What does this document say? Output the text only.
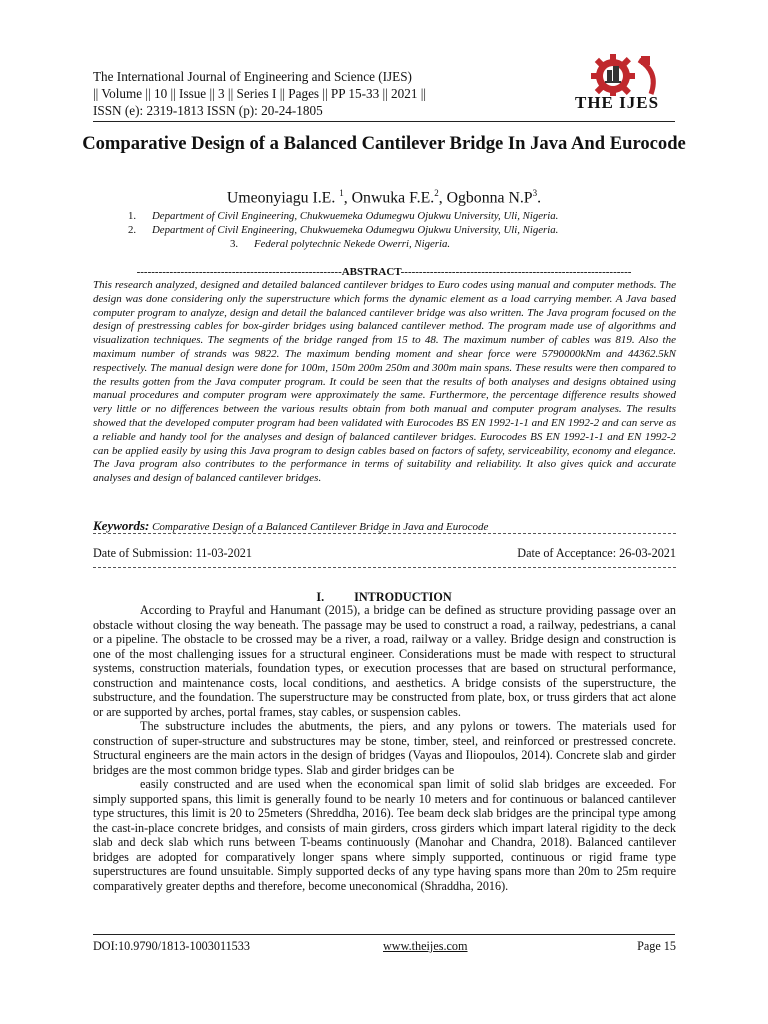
The International Journal of Engineering and Science (IJES)
|| Volume || 10 || Issue || 3 || Series I || Pages || PP 15-33 || 2021 ||
ISSN (e): 2319-1813 ISSN (p): 20-24-1805	THE IJES
Comparative Design of a Balanced Cantilever Bridge In Java And Eurocode
Umeonyiagu I.E. $^1$, Onwuka F.E.$^2$, Ogbonna $N.P^3$.
1. Department of Civil Engineering, Chukwuemeka Odumegwu Ojukwu University, Uli, Nigeria.
2. Department of Civil Engineering, Chukwuemeka Odumegwu Ojukwu University, Uli, Nigeria.
3. Federal polytechnic Nekede Owerri, Nigeria.
--------------------------------------------------------ABSTRACT---------------------------------------------------------------
This research analyzed, designed and detailed balanced cantilever bridges to Euro codes using manual and computer methods. The design was done considering only the superstructure which forms the dynamic element as a load carrying member. A Java based computer program to analyze, design and detail the balanced cantilever bridge was also written. The Java program focused on the design of prestressing cables for box-girder bridges using balanced cantilever method. The program made use of algorithms and visualization techniques. The segments of the bridge ranged from 15 to 48. The maximum number of cables was 819. Also the maximum number of strands was 9822. The maximum bending moment and shear force were 5790000kNm and 44362.5kN respectively. The manual design were done for 100m, 150m 200m 250m and 300m main spans. These results were then compared to the results gotten from the Java computer program. It could be seen that the results of both analyses and designs obtained using manual procedures and computer program were approximately the same. Furthermore, the percentage difference results showed very little or no differences between the various results obtain from both manual and computer program analyses. The results showed that the developed computer program had been validated with Eurocodes BS EN 1992-1-1 and EN 1992-2 and can serve as a reliable and handy tool for the analyses and design of balanced cantilever bridges. Eurocodes BS EN 1992-1-1 and EN 1992-2 can be applied easily by using this Java program to design cables based on factors of safety, serviceability, economy and elegance. The Java program also contributes to the performance in terms of suitability and reliability. It also gives quick and accurate analyses and design of balanced cantilever bridges.
Keywords: Comparative Design of a Balanced Cantilever Bridge in Java and Eurocode
Date of Submission: 11-03-2021	Date of Acceptance: 26-03-2021
I. INTRODUCTION

According to Prayful and Hanumant (2015), a bridge can be defined as structure providing passage over an obstacle without closing the way beneath. The passage may be used to construct a road, a railway, pedestrians, a canal or a pipeline. The obstacle to be crossed may be a river, a road, railway or a valley. Bridge design and construction is one of the most challenging issues for a structural engineer. Considerations must be made with respect to structural systems, construction materials, foundation types, or execution processes that are based on structural performance, construction and maintenance costs, local conditions, and aesthetics. A bridge consists of the superstructure, the substructure, and the foundation. The superstructure may be constructed from plate, box, or truss girders that act alone or are supported by arches, portal frames, stay cables, or suspension cables.

The substructure includes the abutments, the piers, and any pylons or towers. The materials used for construction of super-structure and substructures may be stone, timber, steel, and reinforced or prestressed concrete. Structural engineers are the main actors in the design of bridges (Vayas and Iliopoulos, 2014). Concrete slab and girder bridges are the most common bridge types. Slab and girder bridges can be

easily constructed and are used when the economical span limit of solid slab bridges are exceeded. For simply supported spans, this limit is generally found to be nearly 10 meters and for continuous or balanced cantilever type structures, this limit is 20 to 25meters (Shreddha, 2016). Tee beam deck slab bridges are the principal type among the cast-in-place concrete bridges, and consists of main girders, cross girders which impart lateral rigidity to the deck slab and deck slab which runs between T-beams continuously (Manohar and Chandra, 2018). Balanced cantilever bridges are adopted for comparatively longer spans where simply supported, continuous or rigid frame type superstructures are found unsuitable. Simply supported decks of any type having spans more than 20m to 25m require comparatively greater depths and therefore, become uneconomical (Shraddha, 2016).

DOI:10.9790/1813-1003011533	www.theijes.com	Page 15
